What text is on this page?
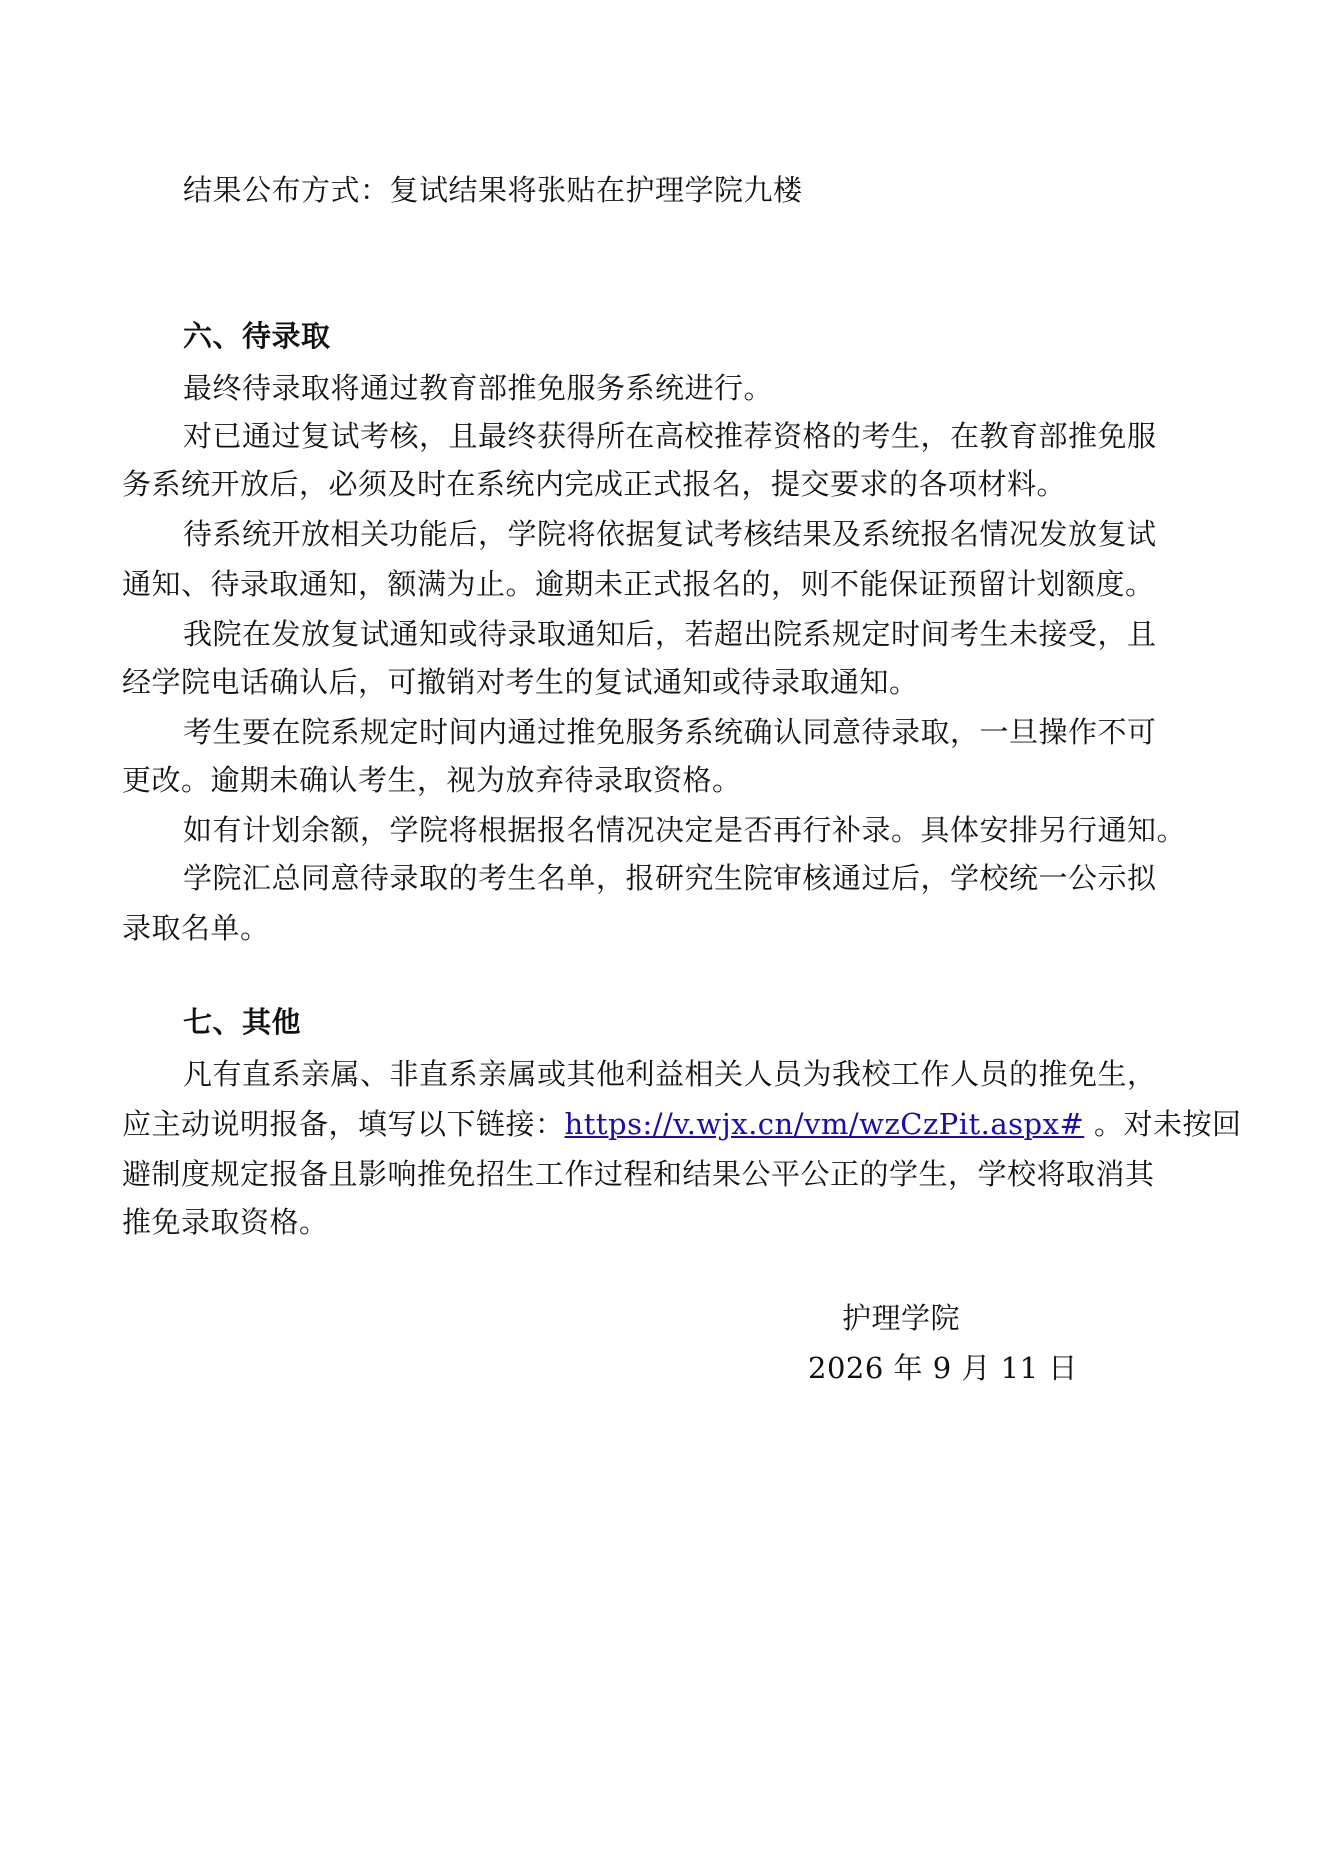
结果公布方式：复试结果将张贴在护理学院九楼
六、待录取
最终待录取将通过教育部推免服务系统进行。
对已通过复试考核，且最终获得所在高校推荐资格的考生，在教育部推免服
务系统开放后，必须及时在系统内完成正式报名，提交要求的各项材料。
待系统开放相关功能后，学院将依据复试考核结果及系统报名情况发放复试
通知、待录取通知，额满为止。逾期未正式报名的，则不能保证预留计划额度。
我院在发放复试通知或待录取通知后，若超出院系规定时间考生未接受，且
经学院电话确认后，可撤销对考生的复试通知或待录取通知。
考生要在院系规定时间内通过推免服务系统确认同意待录取，一旦操作不可
更改。逾期未确认考生，视为放弃待录取资格。
如有计划余额，学院将根据报名情况决定是否再行补录。具体安排另行通知。
学院汇总同意待录取的考生名单，报研究生院审核通过后，学校统一公示拟
录取名单。
七、其他
凡有直系亲属、非直系亲属或其他利益相关人员为我校工作人员的推免生，
应主动说明报备，填写以下链接：https://v.wjx.cn/vm/wzCzPit.aspx# 。对未按回
避制度规定报备且影响推免招生工作过程和结果公平公正的学生，学校将取消其
推免录取资格。
护理学院
2026 年 9 月 11 日
